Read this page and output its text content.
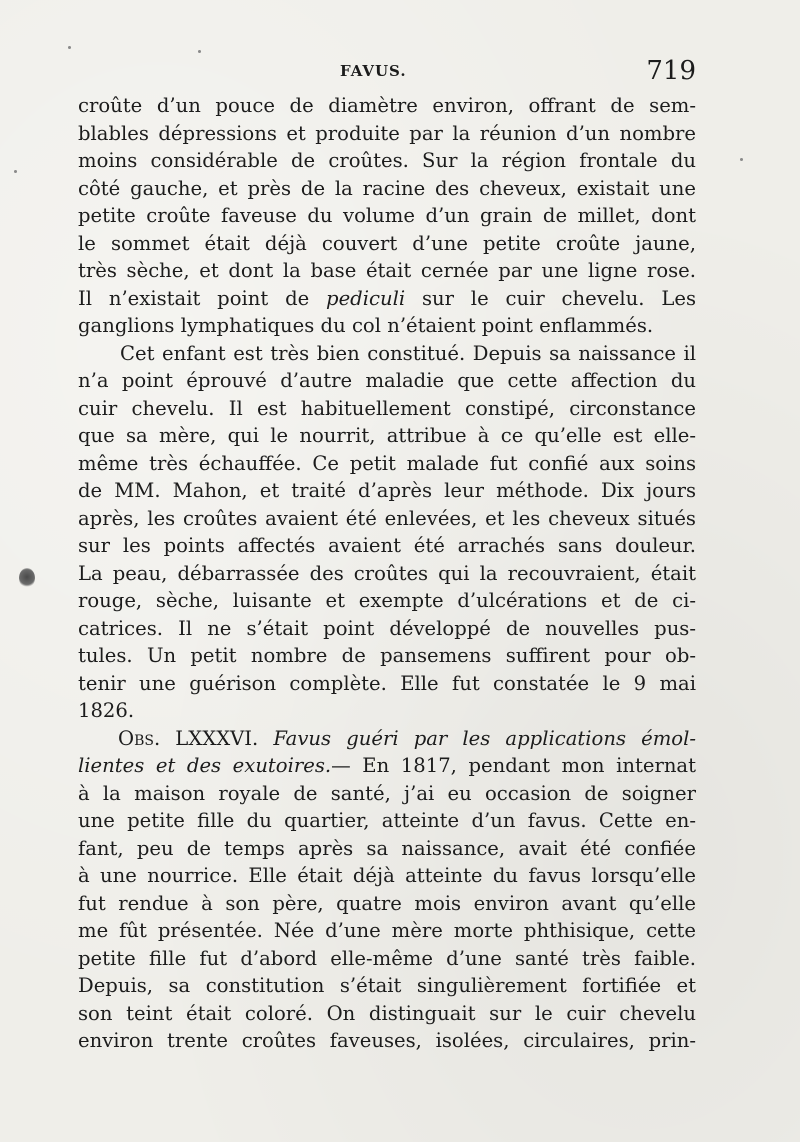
FAVUS.	719
croûte d’un pouce de diamètre environ, offrant de sem-
blables dépressions et produite par la réunion d’un nombre
moins considérable de croûtes. Sur la région frontale du
côté gauche, et près de la racine des cheveux, existait une
petite croûte faveuse du volume d’un grain de millet, dont
le sommet était déjà couvert d’une petite croûte jaune,
très sèche, et dont la base était cernée par une ligne rose.
Il n’existait point de pediculi sur le cuir chevelu. Les
ganglions lymphatiques du col n’étaient point enflammés.
Cet enfant est très bien constitué. Depuis sa naissance il
n’a point éprouvé d’autre maladie que cette affection du
cuir chevelu. Il est habituellement constipé, circonstance
que sa mère, qui le nourrit, attribue à ce qu’elle est elle-
même très échauffée. Ce petit malade fut confié aux soins
de MM. Mahon, et traité d’après leur méthode. Dix jours
après, les croûtes avaient été enlevées, et les cheveux situés
sur les points affectés avaient été arrachés sans douleur.
La peau, débarrassée des croûtes qui la recouvraient, était
rouge, sèche, luisante et exempte d’ulcérations et de ci-
catrices. Il ne s’était point développé de nouvelles pus-
tules. Un petit nombre de pansemens suffirent pour ob-
tenir une guérison complète. Elle fut constatée le 9 mai
1826.
Obs. LXXXVI. Favus guéri par les applications émol-
lientes et des exutoires.— En 1817, pendant mon internat
à la maison royale de santé, j’ai eu occasion de soigner
une petite fille du quartier, atteinte d’un favus. Cette en-
fant, peu de temps après sa naissance, avait été confiée
à une nourrice. Elle était déjà atteinte du favus lorsqu’elle
fut rendue à son père, quatre mois environ avant qu’elle
me fût présentée. Née d’une mère morte phthisique, cette
petite fille fut d’abord elle-même d’une santé très faible.
Depuis, sa constitution s’était singulièrement fortifiée et
son teint était coloré. On distinguait sur le cuir chevelu
environ trente croûtes faveuses, isolées, circulaires, prin-
